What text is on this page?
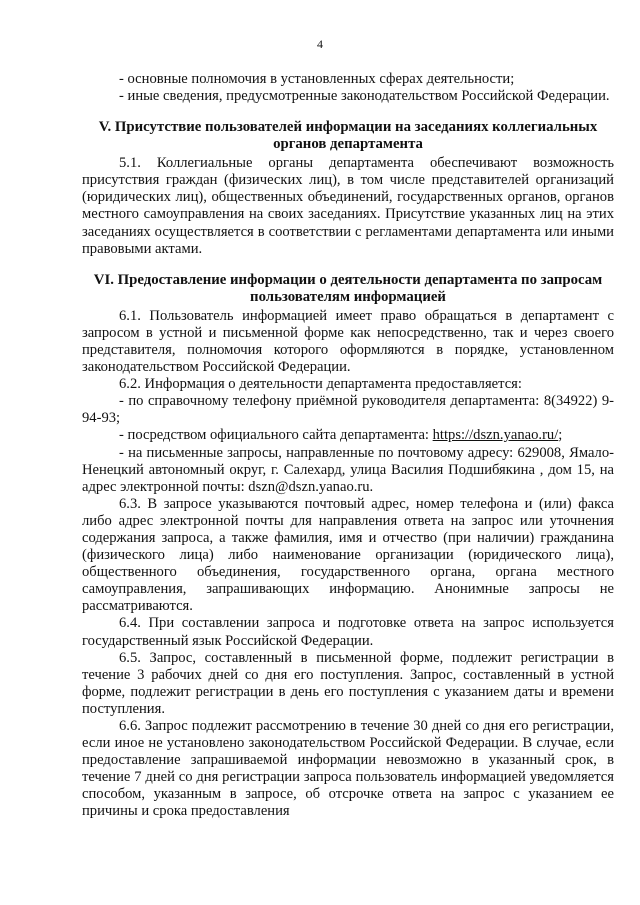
4

- основные полномочия в установленных сферах деятельности;

- иные сведения, предусмотренные законодательством Российской Федерации.

V. Присутствие пользователей информации на заседаниях коллегиальных органов департамента

5.1. Коллегиальные органы департамента обеспечивают возможность присутствия граждан (физических лиц), в том числе представителей организаций (юридических лиц), общественных объединений, государственных органов, органов местного самоуправления на своих заседаниях. Присутствие указанных лиц на этих заседаниях осуществляется в соответствии с регламентами департамента или иными правовыми актами.

VI. Предоставление информации о деятельности департамента по запросам пользователям информацией

6.1. Пользователь информацией имеет право обращаться в департамент с запросом в устной и письменной форме как непосредственно, так и через своего представителя, полномочия которого оформляются в порядке, установленном законодательством Российской Федерации.

6.2. Информация о деятельности департамента предоставляется:

- по справочному телефону приёмной руководителя департамента: 8(34922) 9-94-93;

- посредством официального сайта департамента: https://dszn.yanao.ru/;

- на письменные запросы, направленные по почтовому адресу: 629008, Ямало-Ненецкий автономный округ, г. Салехард, улица Василия Подшибякина , дом 15, на адрес электронной почты: dszn@dszn.yanao.ru.

6.3. В запросе указываются почтовый адрес, номер телефона и (или) факса либо адрес электронной почты для направления ответа на запрос или уточнения содержания запроса, а также фамилия, имя и отчество (при наличии) гражданина (физического лица) либо наименование организации (юридического лица), общественного объединения, государственного органа, органа местного самоуправления, запрашивающих информацию. Анонимные запросы не рассматриваются.

6.4. При составлении запроса и подготовке ответа на запрос используется государственный язык Российской Федерации.

6.5. Запрос, составленный в письменной форме, подлежит регистрации в течение 3 рабочих дней со дня его поступления. Запрос, составленный в устной форме, подлежит регистрации в день его поступления с указанием даты и времени поступления.

6.6. Запрос подлежит рассмотрению в течение 30 дней со дня его регистрации, если иное не установлено законодательством Российской Федерации. В случае, если предоставление запрашиваемой информации невозможно в указанный срок, в течение 7 дней со дня регистрации запроса пользователь информацией уведомляется способом, указанным в запросе, об отсрочке ответа на запрос с указанием ее причины и срока предоставления
